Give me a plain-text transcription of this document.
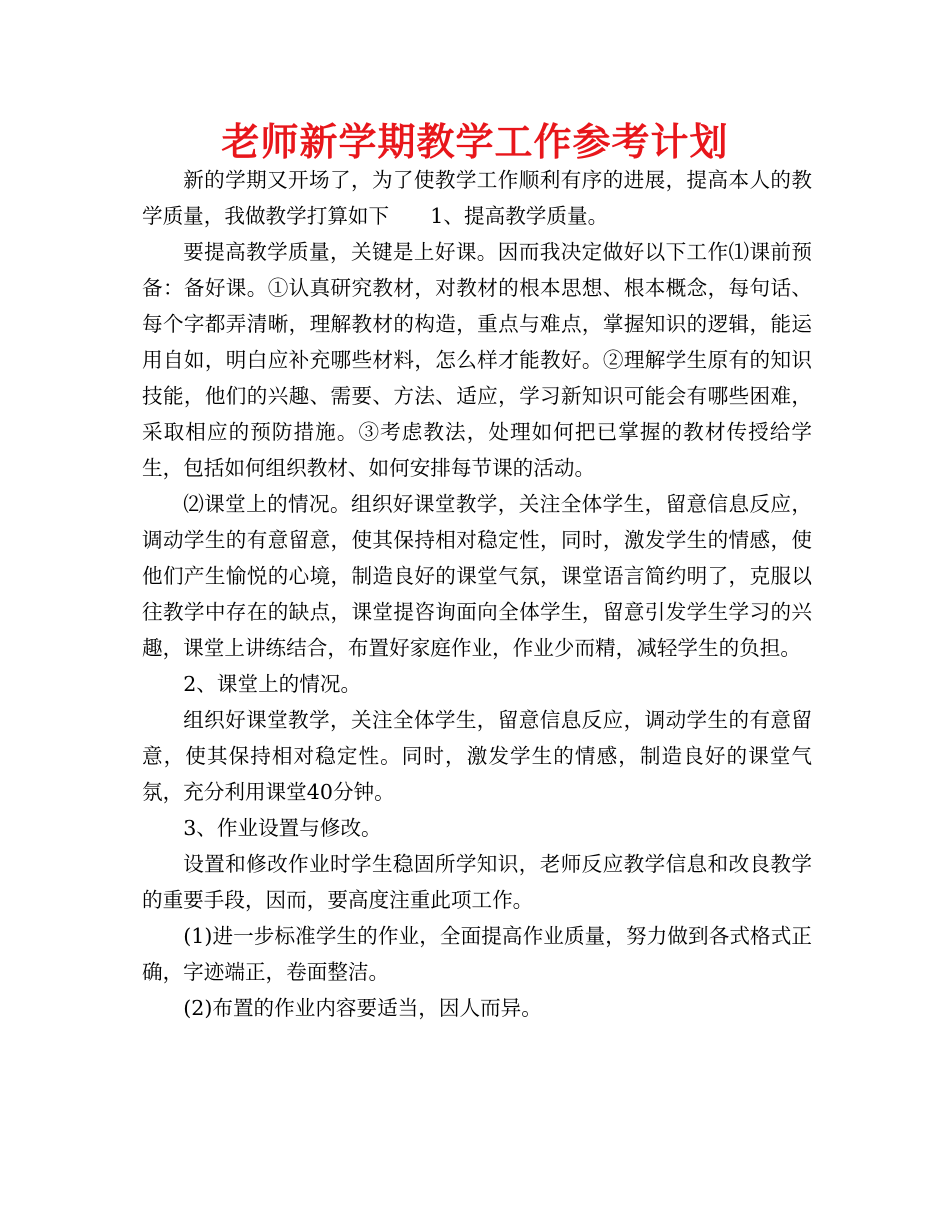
老师新学期教学工作参考计划

新的学期又开场了，为了使教学工作顺利有序的进展，提高本人的教学质量，我做教学打算如下　　1、提高教学质量。

要提高教学质量，关键是上好课。因而我决定做好以下工作⑴课前预备：备好课。①认真研究教材，对教材的根本思想、根本概念，每句话、每个字都弄清晰，理解教材的构造，重点与难点，掌握知识的逻辑，能运用自如，明白应补充哪些材料，怎么样才能教好。②理解学生原有的知识技能，他们的兴趣、需要、方法、适应，学习新知识可能会有哪些困难，采取相应的预防措施。③考虑教法，处理如何把已掌握的教材传授给学生，包括如何组织教材、如何安排每节课的活动。

⑵课堂上的情况。组织好课堂教学，关注全体学生，留意信息反应，调动学生的有意留意，使其保持相对稳定性，同时，激发学生的情感，使他们产生愉悦的心境，制造良好的课堂气氛，课堂语言简约明了，克服以往教学中存在的缺点，课堂提咨询面向全体学生，留意引发学生学习的兴趣，课堂上讲练结合，布置好家庭作业，作业少而精，减轻学生的负担。

2、课堂上的情况。

组织好课堂教学，关注全体学生，留意信息反应，调动学生的有意留意，使其保持相对稳定性。同时，激发学生的情感，制造良好的课堂气氛，充分利用课堂40分钟。

3、作业设置与修改。

设置和修改作业时学生稳固所学知识，老师反应教学信息和改良教学的重要手段，因而，要高度注重此项工作。

(1)进一步标准学生的作业，全面提高作业质量，努力做到各式格式正确，字迹端正，卷面整洁。

(2)布置的作业内容要适当，因人而异。
